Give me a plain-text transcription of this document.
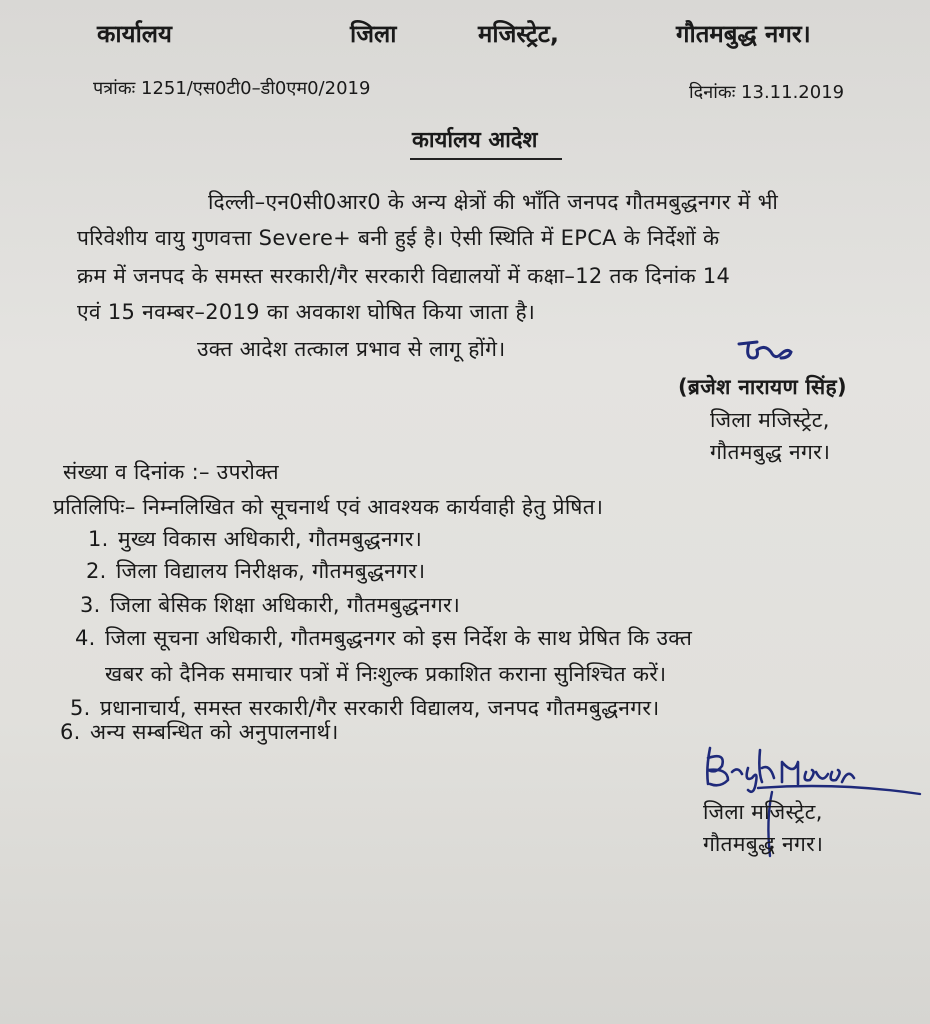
कार्यालय	जिला	मजिस्ट्रेट,	गौतमबुद्ध नगर।
पत्रांकः 1251/एस0टी0–डी0एम0/2019	दिनांकः 13.11.2019
कार्यालय आदेश
दिल्ली–एन0सी0आर0 के अन्य क्षेत्रों की भाँति जनपद गौतमबुद्धनगर में भी
परिवेशीय वायु गुणवत्ता Severe+ बनी हुई है। ऐसी स्थिति में EPCA के निर्देशों के
क्रम में जनपद के समस्त सरकारी/गैर सरकारी विद्यालयों में कक्षा–12 तक दिनांक 14
एवं 15 नवम्बर–2019 का अवकाश घोषित किया जाता है।
उक्त आदेश तत्काल प्रभाव से लागू होंगे।
(ब्रजेश नारायण सिंह)
जिला मजिस्ट्रेट,
गौतमबुद्ध नगर।
संख्या व दिनांक :– उपरोक्त
प्रतिलिपिः– निम्नलिखित को सूचनार्थ एवं आवश्यक कार्यवाही हेतु प्रेषित।
1. मुख्य विकास अधिकारी, गौतमबुद्धनगर।
2. जिला विद्यालय निरीक्षक, गौतमबुद्धनगर।
3. जिला बेसिक शिक्षा अधिकारी, गौतमबुद्धनगर।
4. जिला सूचना अधिकारी, गौतमबुद्धनगर को इस निर्देश के साथ प्रेषित कि उक्त
खबर को दैनिक समाचार पत्रों में निःशुल्क प्रकाशित कराना सुनिश्चित करें।
5. प्रधानाचार्य, समस्त सरकारी/गैर सरकारी विद्यालय, जनपद गौतमबुद्धनगर।
6. अन्य सम्बन्धित को अनुपालनार्थ।
जिला मजिस्ट्रेट,
गौतमबुद्ध नगर।
